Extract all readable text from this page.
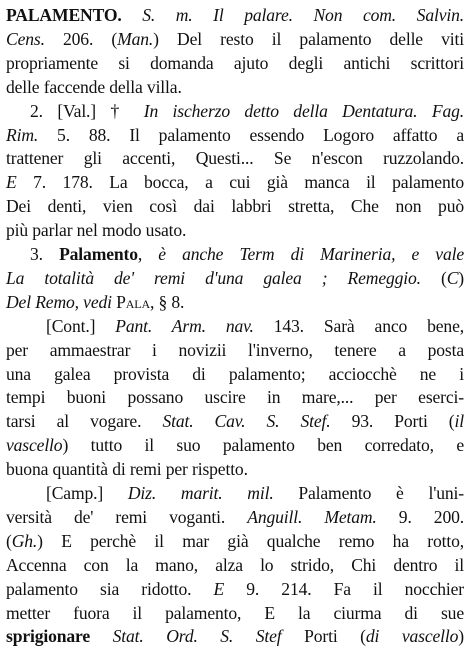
PALAMENTO. S. m. Il palare. Non com. Salvin.
Cens. 206. (Man.) Del resto il palamento delle viti
propriamente si domanda ajuto degli antichi scrittori
delle faccende della villa.
2. [Val.] † In ischerzo detto della Dentatura. Fag.
Rim. 5. 88. Il palamento essendo Logoro affatto a
trattener gli accenti, Questi... Se n'escon ruzzolando.
E 7. 178. La bocca, a cui già manca il palamento
Dei denti, vien così dai labbri stretta, Che non può
più parlar nel modo usato.
3. Palamento, è anche Term di Marineria, e vale
La totalità de' remi d'una galea ; Remeggio. (C)
Del Remo, vedi Pala, § 8.
[Cont.] Pant. Arm. nav. 143. Sarà anco bene,
per ammaestrar i novizii l'inverno, tenere a posta
una galea provista di palamento; acciocchè ne i
tempi buoni possano uscire in mare,... per eserci-
tarsi al vogare. Stat. Cav. S. Stef. 93. Porti (il
vascello) tutto il suo palamento ben corredato, e
buona quantità di remi per rispetto.
[Camp.] Diz. marit. mil. Palamento è l'uni-
versità de' remi voganti. Anguill. Metam. 9. 200.
(Gh.) E perchè il mar già qualche remo ha rotto,
Accenna con la mano, alza lo strido, Chi dentro il
palamento sia ridotto. E 9. 214. Fa il nocchier
metter fuora il palamento, E la ciurma di sue
sprigionare Stat. Ord. S. Stef Porti (di vascello)
